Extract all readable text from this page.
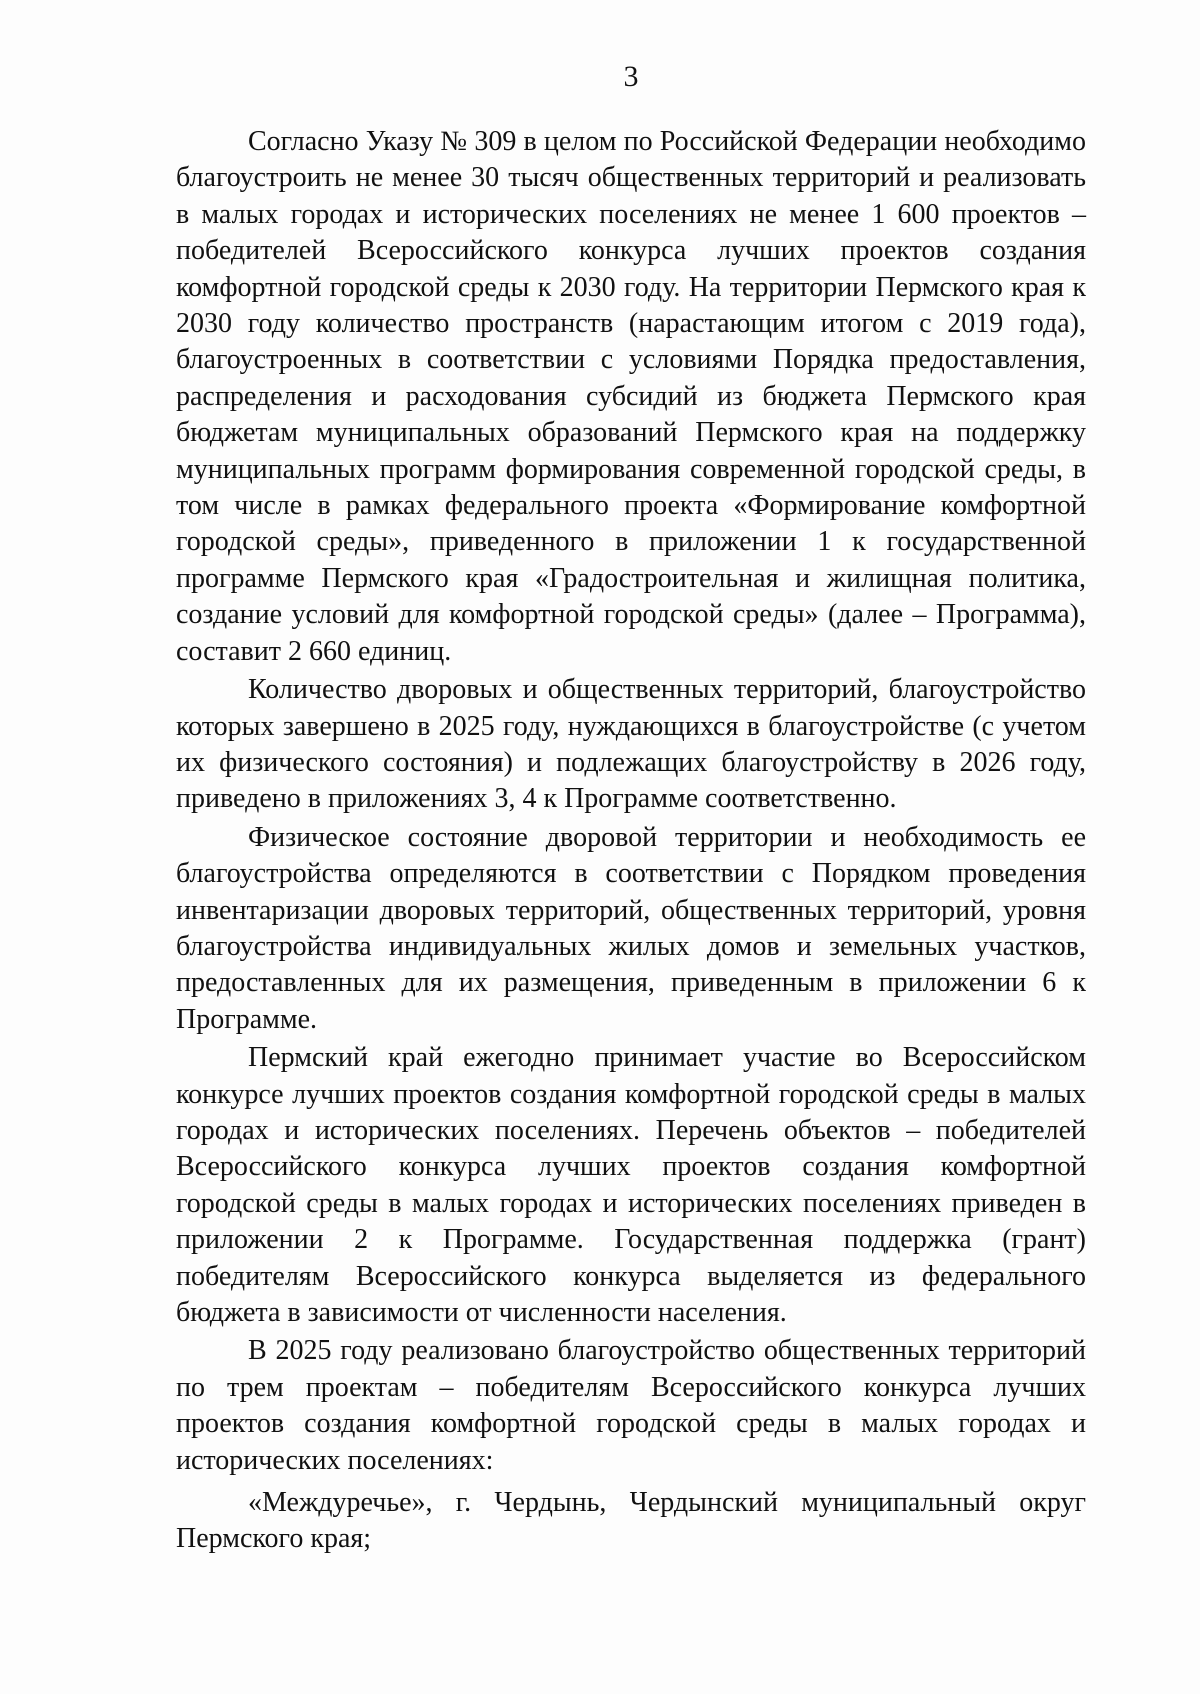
3

Согласно Указу № 309 в целом по Российской Федерации необходимо благоустроить не менее 30 тысяч общественных территорий и реализовать в малых городах и исторических поселениях не менее 1 600 проектов – победителей Всероссийского конкурса лучших проектов создания комфортной городской среды к 2030 году. На территории Пермского края к 2030 году количество пространств (нарастающим итогом с 2019 года), благоустроенных в соответствии с условиями Порядка предоставления, распределения и расходования субсидий из бюджета Пермского края бюджетам муниципальных образований Пермского края на поддержку муниципальных программ формирования современной городской среды, в том числе в рамках федерального проекта «Формирование комфортной городской среды», приведенного в приложении 1 к государственной программе Пермского края «Градостроительная и жилищная политика, создание условий для комфортной городской среды» (далее – Программа), составит 2 660 единиц.

Количество дворовых и общественных территорий, благоустройство которых завершено в 2025 году, нуждающихся в благоустройстве (с учетом их физического состояния) и подлежащих благоустройству в 2026 году, приведено в приложениях 3, 4 к Программе соответственно.

Физическое состояние дворовой территории и необходимость ее благоустройства определяются в соответствии с Порядком проведения инвентаризации дворовых территорий, общественных территорий, уровня благоустройства индивидуальных жилых домов и земельных участков, предоставленных для их размещения, приведенным в приложении 6 к Программе.

Пермский край ежегодно принимает участие во Всероссийском конкурсе лучших проектов создания комфортной городской среды в малых городах и исторических поселениях. Перечень объектов – победителей Всероссийского конкурса лучших проектов создания комфортной городской среды в малых городах и исторических поселениях приведен в приложении 2 к Программе. Государственная поддержка (грант) победителям Всероссийского конкурса выделяется из федерального бюджета в зависимости от численности населения.

В 2025 году реализовано благоустройство общественных территорий по трем проектам – победителям Всероссийского конкурса лучших проектов создания комфортной городской среды в малых городах и исторических поселениях:

«Междуречье», г. Чердынь, Чердынский муниципальный округ Пермского края;
